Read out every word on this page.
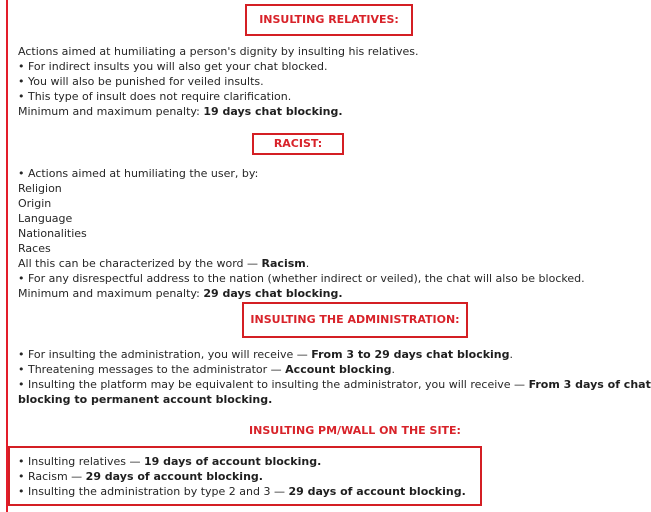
INSULTING RELATIVES:
Actions aimed at humiliating a person's dignity by insulting his relatives.
• For indirect insults you will also get your chat blocked.
• You will also be punished for veiled insults.
• This type of insult does not require clarification.
Minimum and maximum penalty: 19 days chat blocking.
RACIST:
• Actions aimed at humiliating the user, by:
Religion
Origin
Language
Nationalities
Races
All this can be characterized by the word — Racism.
• For any disrespectful address to the nation (whether indirect or veiled), the chat will also be blocked.
Minimum and maximum penalty: 29 days chat blocking.
INSULTING THE ADMINISTRATION:
• For insulting the administration, you will receive — From 3 to 29 days chat blocking.
• Threatening messages to the administrator — Account blocking.
• Insulting the platform may be equivalent to insulting the administrator, you will receive — From 3 days of chat
blocking to permanent account blocking.
INSULTING PM/WALL ON THE SITE:
• Insulting relatives — 19 days of account blocking.
• Racism — 29 days of account blocking.
• Insulting the administration by type 2 and 3 — 29 days of account blocking.
